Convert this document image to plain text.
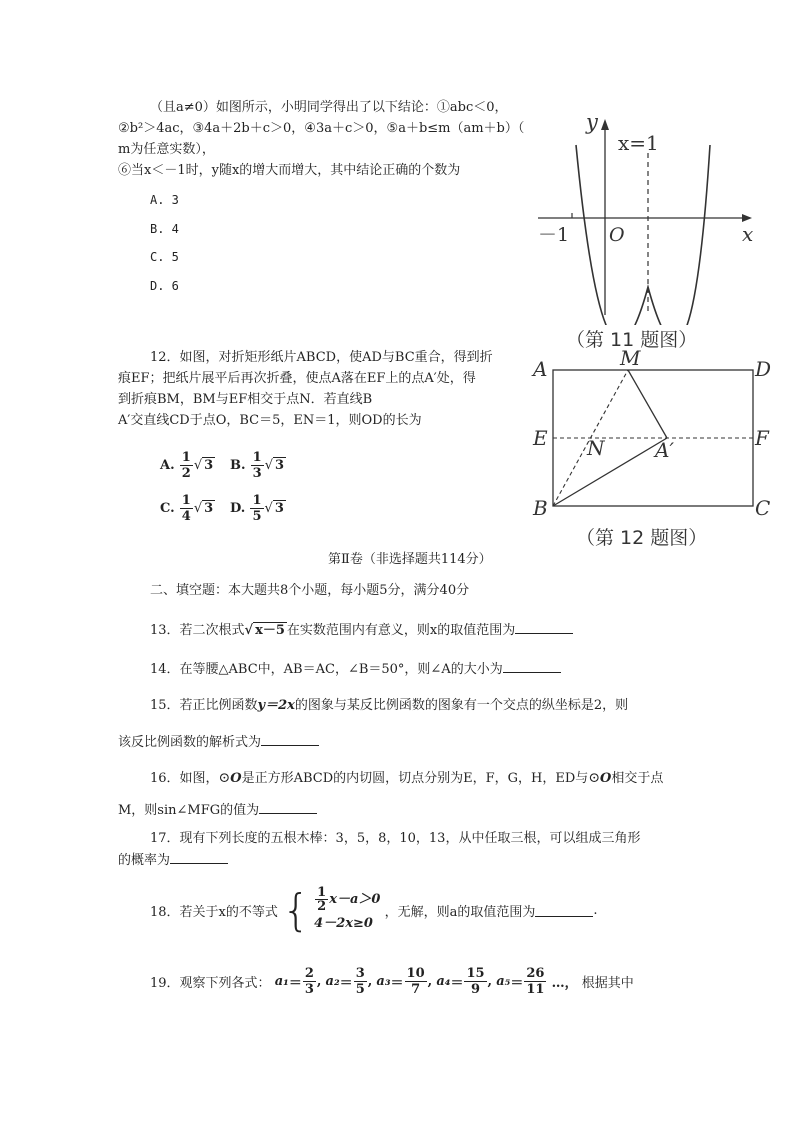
（且a≠0）如图所示，小明同学得出了以下结论：①abc＜0，
②b²＞4ac，③4a＋2b＋c＞0，④3a＋c＞0，⑤a＋b≤m（am＋b）（
m为任意实数），
⑥当x＜－1时，y随x的增大而增大，其中结论正确的个数为
A. 3
B. 4
C. 5
D. 6
y
x
x=1
－1 O
（第 11 题图）
12．如图，对折矩形纸片ABCD，使AD与BC重合，得到折
痕EF；把纸片展平后再次折叠，使点A落在EF上的点A′处，得
到折痕BM，BM与EF相交于点N．若直线B
A′交直线CD于点O，BC＝5，EN＝1，则OD的长为
A. $\frac{1}{2}$ √ 3 B. $\frac{1}{3}$ √ 3
C. $\frac{1}{4}$ √ 3 D. $\frac{1}{5}$ √ 3
A	M	D
E N	A′	F
B	C
（第 12 题图）
第Ⅱ卷（非选择题共114分）
二、填空题：本大题共8个小题，每小题5分，满分40分
13．若二次根式√ x－5 在实数范围内有意义，则x的取值范围为
14．在等腰△ABC中，AB＝AC，∠B＝50°，则∠A的大小为
15．若正比例函数y＝2x的图象与某反比例函数的图象有一个交点的纵坐标是2，则
该反比例函数的解析式为
16．如图，⊙O是正方形ABCD的内切圆，切点分别为E，F，G，H，ED与⊙O相交于点
M，则sin∠MFG的值为
17．现有下列长度的五根木棒：3，5，8，10，13，从中任取三根，可以组成三角形
的概率为
18．若关于x的不等式 { $\frac{1}{2} x-a>0$
4－2x≥0
，无解，则a的取值范围为	.
19．观察下列各式： $a_1= \frac{2}{3}$ , $a_2= \frac{3}{5}$ , $a_3= \frac{10}{7}$ , $a_4= \frac{15}{9}$ , $a_5= \frac{26}{11}$ …， 根据其中
